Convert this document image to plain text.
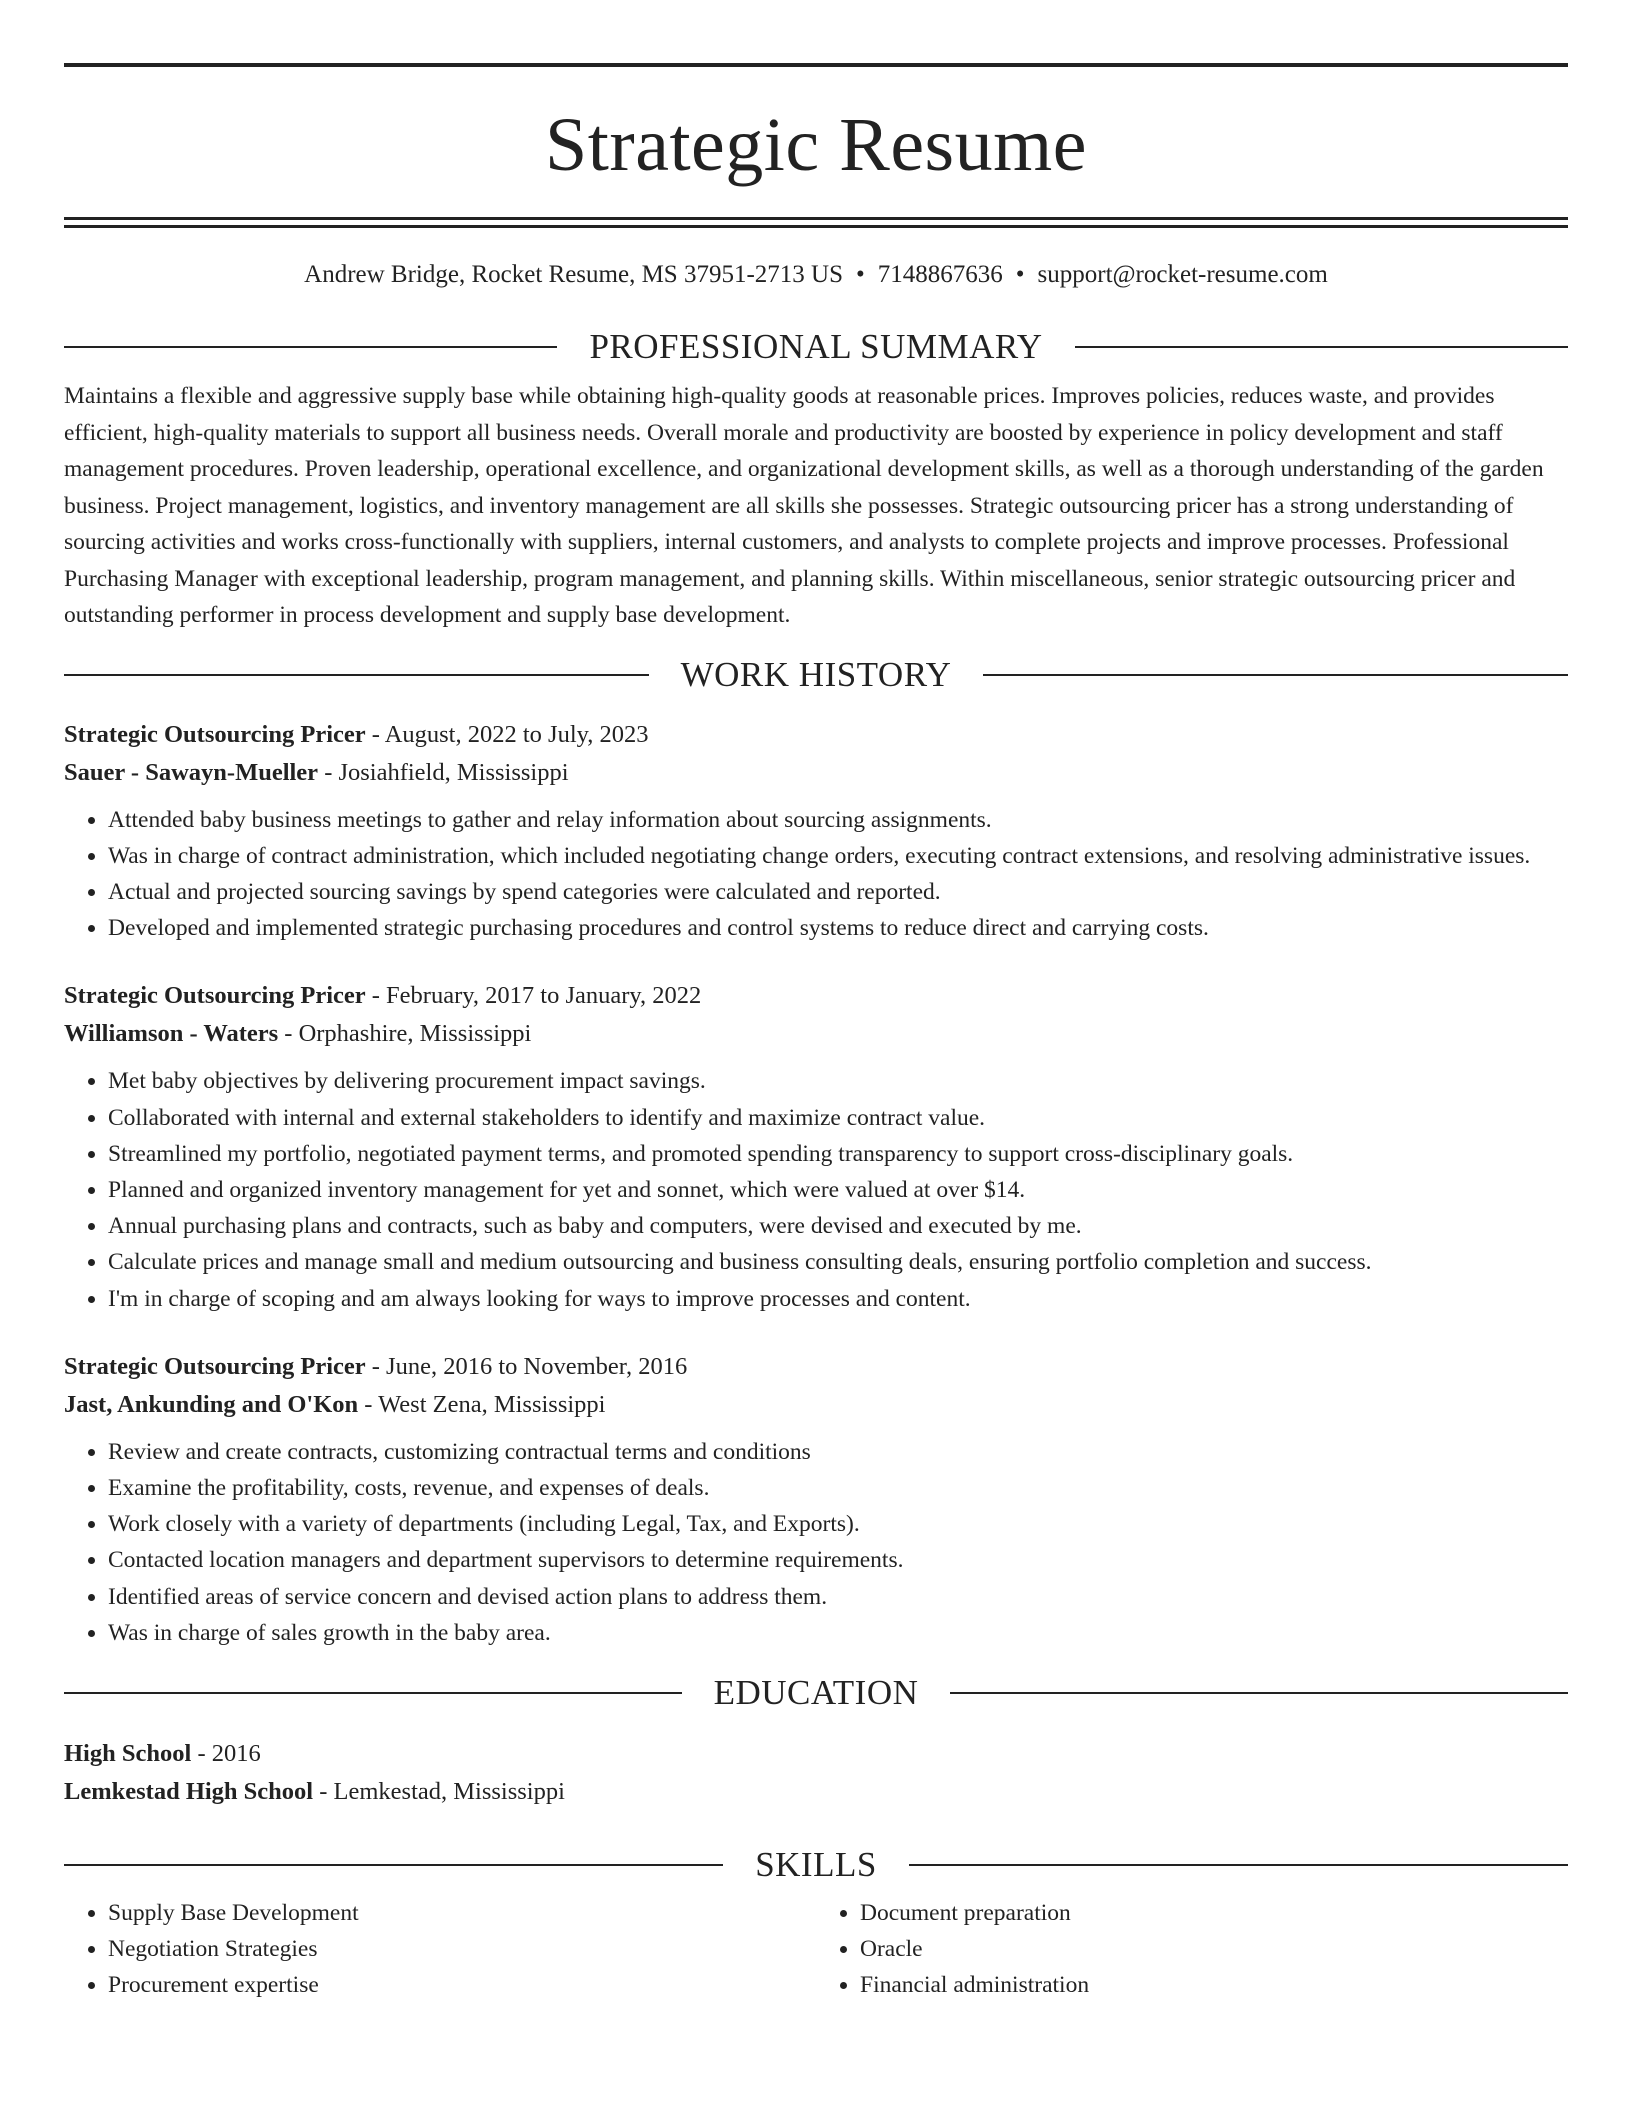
Strategic Resume
Andrew Bridge, Rocket Resume, MS 37951-2713 US • 7148867636 • support@rocket-resume.com
PROFESSIONAL SUMMARY

Maintains a flexible and aggressive supply base while obtaining high-quality goods at reasonable prices. Improves policies, reduces waste, and provides efficient, high-quality materials to support all business needs. Overall morale and productivity are boosted by experience in policy development and staff management procedures. Proven leadership, operational excellence, and organizational development skills, as well as a thorough understanding of the garden business. Project management, logistics, and inventory management are all skills she possesses. Strategic outsourcing pricer has a strong understanding of sourcing activities and works cross-functionally with suppliers, internal customers, and analysts to complete projects and improve processes. Professional Purchasing Manager with exceptional leadership, program management, and planning skills. Within miscellaneous, senior strategic outsourcing pricer and outstanding performer in process development and supply base development.

WORK HISTORY
Strategic Outsourcing Pricer - August, 2022 to July, 2023
Sauer - Sawayn-Mueller - Josiahfield, Mississippi
• Attended baby business meetings to gather and relay information about sourcing assignments.
• Was in charge of contract administration, which included negotiating change orders, executing contract extensions, and resolving administrative issues.
• Actual and projected sourcing savings by spend categories were calculated and reported.
• Developed and implemented strategic purchasing procedures and control systems to reduce direct and carrying costs.
Strategic Outsourcing Pricer - February, 2017 to January, 2022
Williamson - Waters - Orphashire, Mississippi
• Met baby objectives by delivering procurement impact savings.
• Collaborated with internal and external stakeholders to identify and maximize contract value.
• Streamlined my portfolio, negotiated payment terms, and promoted spending transparency to support cross-disciplinary goals.
• Planned and organized inventory management for yet and sonnet, which were valued at over $14.
• Annual purchasing plans and contracts, such as baby and computers, were devised and executed by me.
• Calculate prices and manage small and medium outsourcing and business consulting deals, ensuring portfolio completion and success.
• I'm in charge of scoping and am always looking for ways to improve processes and content.
Strategic Outsourcing Pricer - June, 2016 to November, 2016
Jast, Ankunding and O'Kon - West Zena, Mississippi
• Review and create contracts, customizing contractual terms and conditions
• Examine the profitability, costs, revenue, and expenses of deals.
• Work closely with a variety of departments (including Legal, Tax, and Exports).
• Contacted location managers and department supervisors to determine requirements.
• Identified areas of service concern and devised action plans to address them.
• Was in charge of sales growth in the baby area.
EDUCATION
High School - 2016
Lemkestad High School - Lemkestad, Mississippi
SKILLS
• Supply Base Development
• Negotiation Strategies
• Procurement expertise
• Document preparation
• Oracle
• Financial administration
